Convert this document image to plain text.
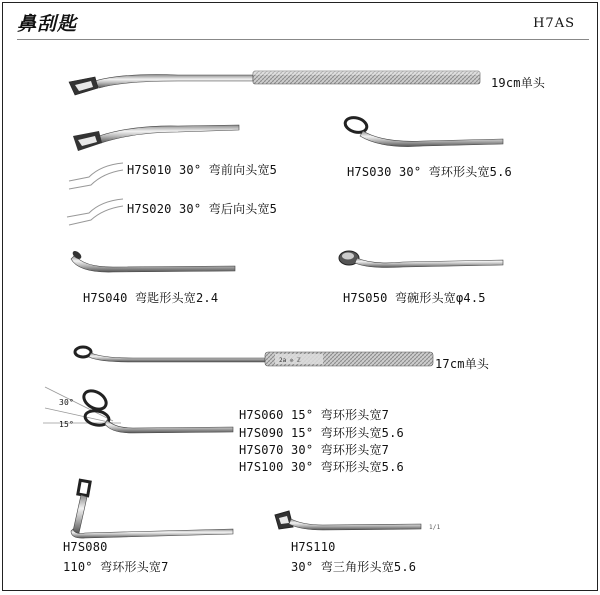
鼻刮匙	H7AS
2a ❊ ℤ
19cm单头
H7S010 30° 弯前向头宽5	H7S030 30° 弯环形头宽5.6
H7S020 30° 弯后向头宽5
H7S040 弯匙形头宽2.4	H7S050 弯碗形头宽φ4.5
17cm单头
30°
15°
H7S060 15° 弯环形头宽7
H7S090 15° 弯环形头宽5.6
H7S070 30° 弯环形头宽7
H7S100 30° 弯环形头宽5.6
1/1
H7S080
110° 弯环形头宽7
H7S110
30° 弯三角形头宽5.6
